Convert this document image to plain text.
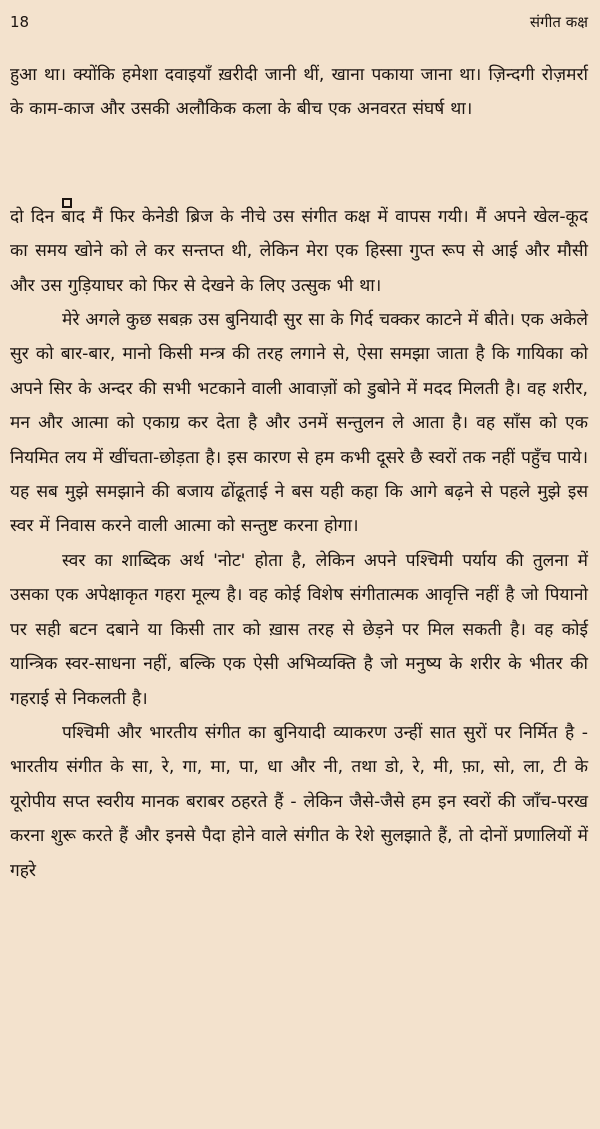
18	संगीत कक्ष

हुआ था। क्योंकि हमेशा दवाइयाँ ख़रीदी जानी थीं, खाना पकाया जाना था। ज़िन्दगी रोज़मर्रा के काम-काज और उसकी अलौकिक कला के बीच एक अनवरत संघर्ष था।

दो दिन बाद मैं फिर केनेडी ब्रिज के नीचे उस संगीत कक्ष में वापस गयी। मैं अपने खेल-कूद का समय खोने को ले कर सन्तप्त थी, लेकिन मेरा एक हिस्सा गुप्त रूप से आई और मौसी और उस गुड़ियाघर को फिर से देखने के लिए उत्सुक भी था।

मेरे अगले कुछ सबक़ उस बुनियादी सुर सा के गिर्द चक्कर काटने में बीते। एक अकेले सुर को बार-बार, मानो किसी मन्त्र की तरह लगाने से, ऐसा समझा जाता है कि गायिका को अपने सिर के अन्दर की सभी भटकाने वाली आवाज़ों को डुबोने में मदद मिलती है। वह शरीर, मन और आत्मा को एकाग्र कर देता है और उनमें सन्तुलन ले आता है। वह साँस को एक नियमित लय में खींचता-छोड़ता है। इस कारण से हम कभी दूसरे छै स्वरों तक नहीं पहुँच पाये। यह सब मुझे समझाने की बजाय ढोंढूताई ने बस यही कहा कि आगे बढ़ने से पहले मुझे इस स्वर में निवास करने वाली आत्मा को सन्तुष्ट करना होगा।

स्वर का शाब्दिक अर्थ 'नोट' होता है, लेकिन अपने पश्चिमी पर्याय की तुलना में उसका एक अपेक्षाकृत गहरा मूल्य है। वह कोई विशेष संगीतात्मक आवृत्ति नहीं है जो पियानो पर सही बटन दबाने या किसी तार को ख़ास तरह से छेड़ने पर मिल सकती है। वह कोई यान्त्रिक स्वर-साधना नहीं, बल्कि एक ऐसी अभिव्यक्ति है जो मनुष्य के शरीर के भीतर की गहराई से निकलती है।

पश्चिमी और भारतीय संगीत का बुनियादी व्याकरण उन्हीं सात सुरों पर निर्मित है - भारतीय संगीत के सा, रे, गा, मा, पा, धा और नी, तथा डो, रे, मी, फ़ा, सो, ला, टी के यूरोपीय सप्त स्वरीय मानक बराबर ठहरते हैं - लेकिन जैसे-जैसे हम इन स्वरों की जाँच-परख करना शुरू करते हैं और इनसे पैदा होने वाले संगीत के रेशे सुलझाते हैं, तो दोनों प्रणालियों में गहरे
